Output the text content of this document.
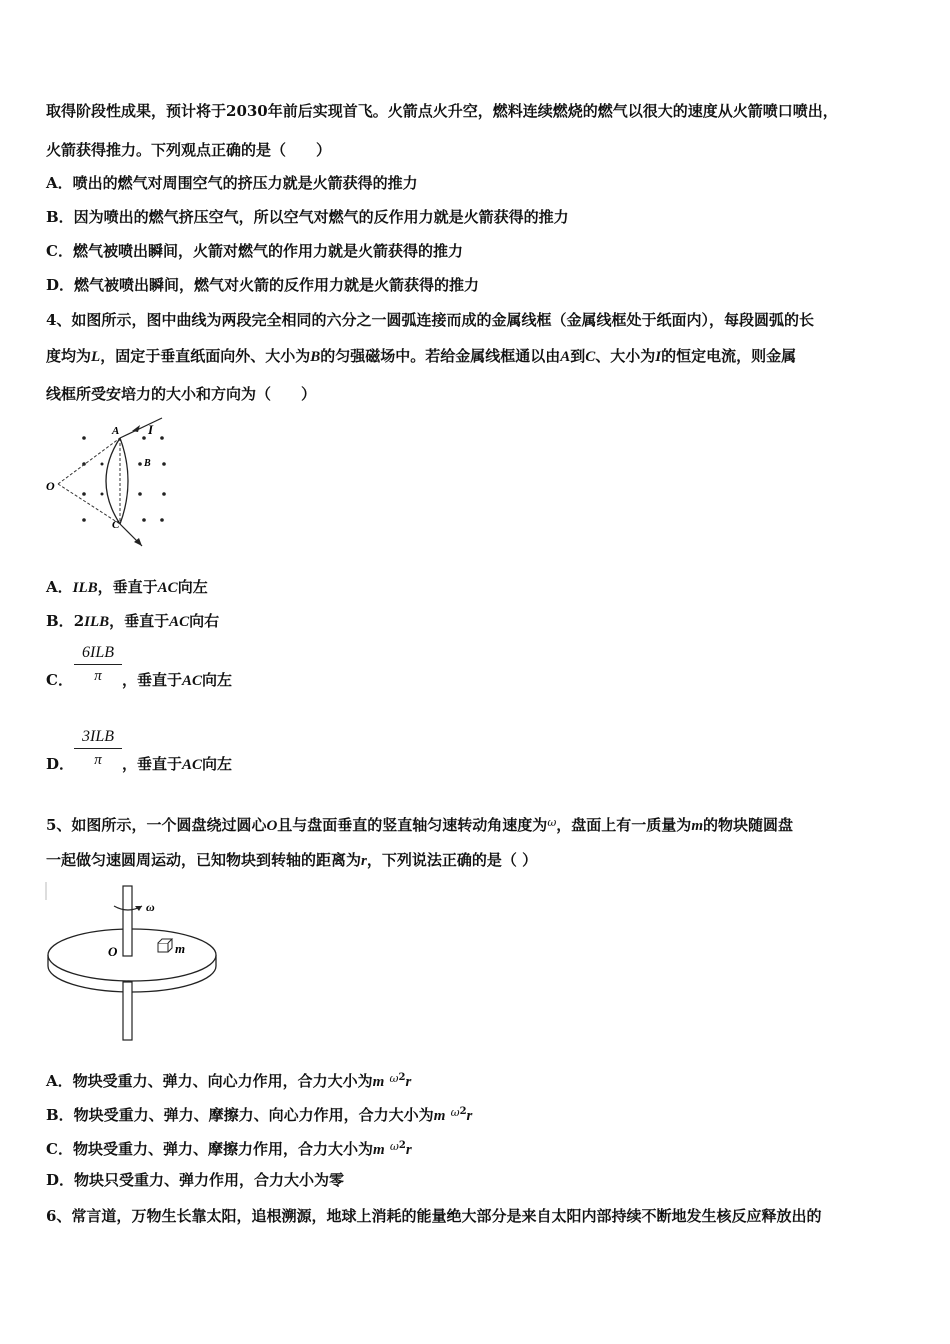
取得阶段性成果，预计将于2030年前后实现首飞。火箭点火升空，燃料连续燃烧的燃气以很大的速度从火箭喷口喷出，
火箭获得推力。下列观点正确的是（　　）
A．喷出的燃气对周围空气的挤压力就是火箭获得的推力
B．因为喷出的燃气挤压空气，所以空气对燃气的反作用力就是火箭获得的推力
C．燃气被喷出瞬间，火箭对燃气的作用力就是火箭获得的推力
D．燃气被喷出瞬间，燃气对火箭的反作用力就是火箭获得的推力
4、如图所示，图中曲线为两段完全相同的六分之一圆弧连接而成的金属线框（金属线框处于纸面内），每段圆弧的长
度均为L，固定于垂直纸面向外、大小为B的匀强磁场中。若给金属线框通以由A到C、大小为I的恒定电流，则金属
线框所受安培力的大小和方向为（　　）
A
B
C
O
I
A．ILB，垂直于AC向左
B．2ILB，垂直于AC向右
C．
6ILB
π	，垂直于AC向左
D．
3ILB
π	，垂直于AC向左
5、如图所示，一个圆盘绕过圆心O且与盘面垂直的竖直轴匀速转动角速度为$^\omega$，盘面上有一质量为m的物块随圆盘
一起做匀速圆周运动，已知物块到转轴的距离为r，下列说法正确的是（ ）
ω
O	m
A．物块受重力、弹力、向心力作用，合力大小为m $^{\omega 2}$r
B．物块受重力、弹力、摩擦力、向心力作用，合力大小为m $^{\omega 2}$r
C．物块受重力、弹力、摩擦力作用，合力大小为m $^{\omega 2}$r
D．物块只受重力、弹力作用，合力大小为零
6、常言道，万物生长靠太阳，追根溯源，地球上消耗的能量绝大部分是来自太阳内部持续不断地发生核反应释放出的
